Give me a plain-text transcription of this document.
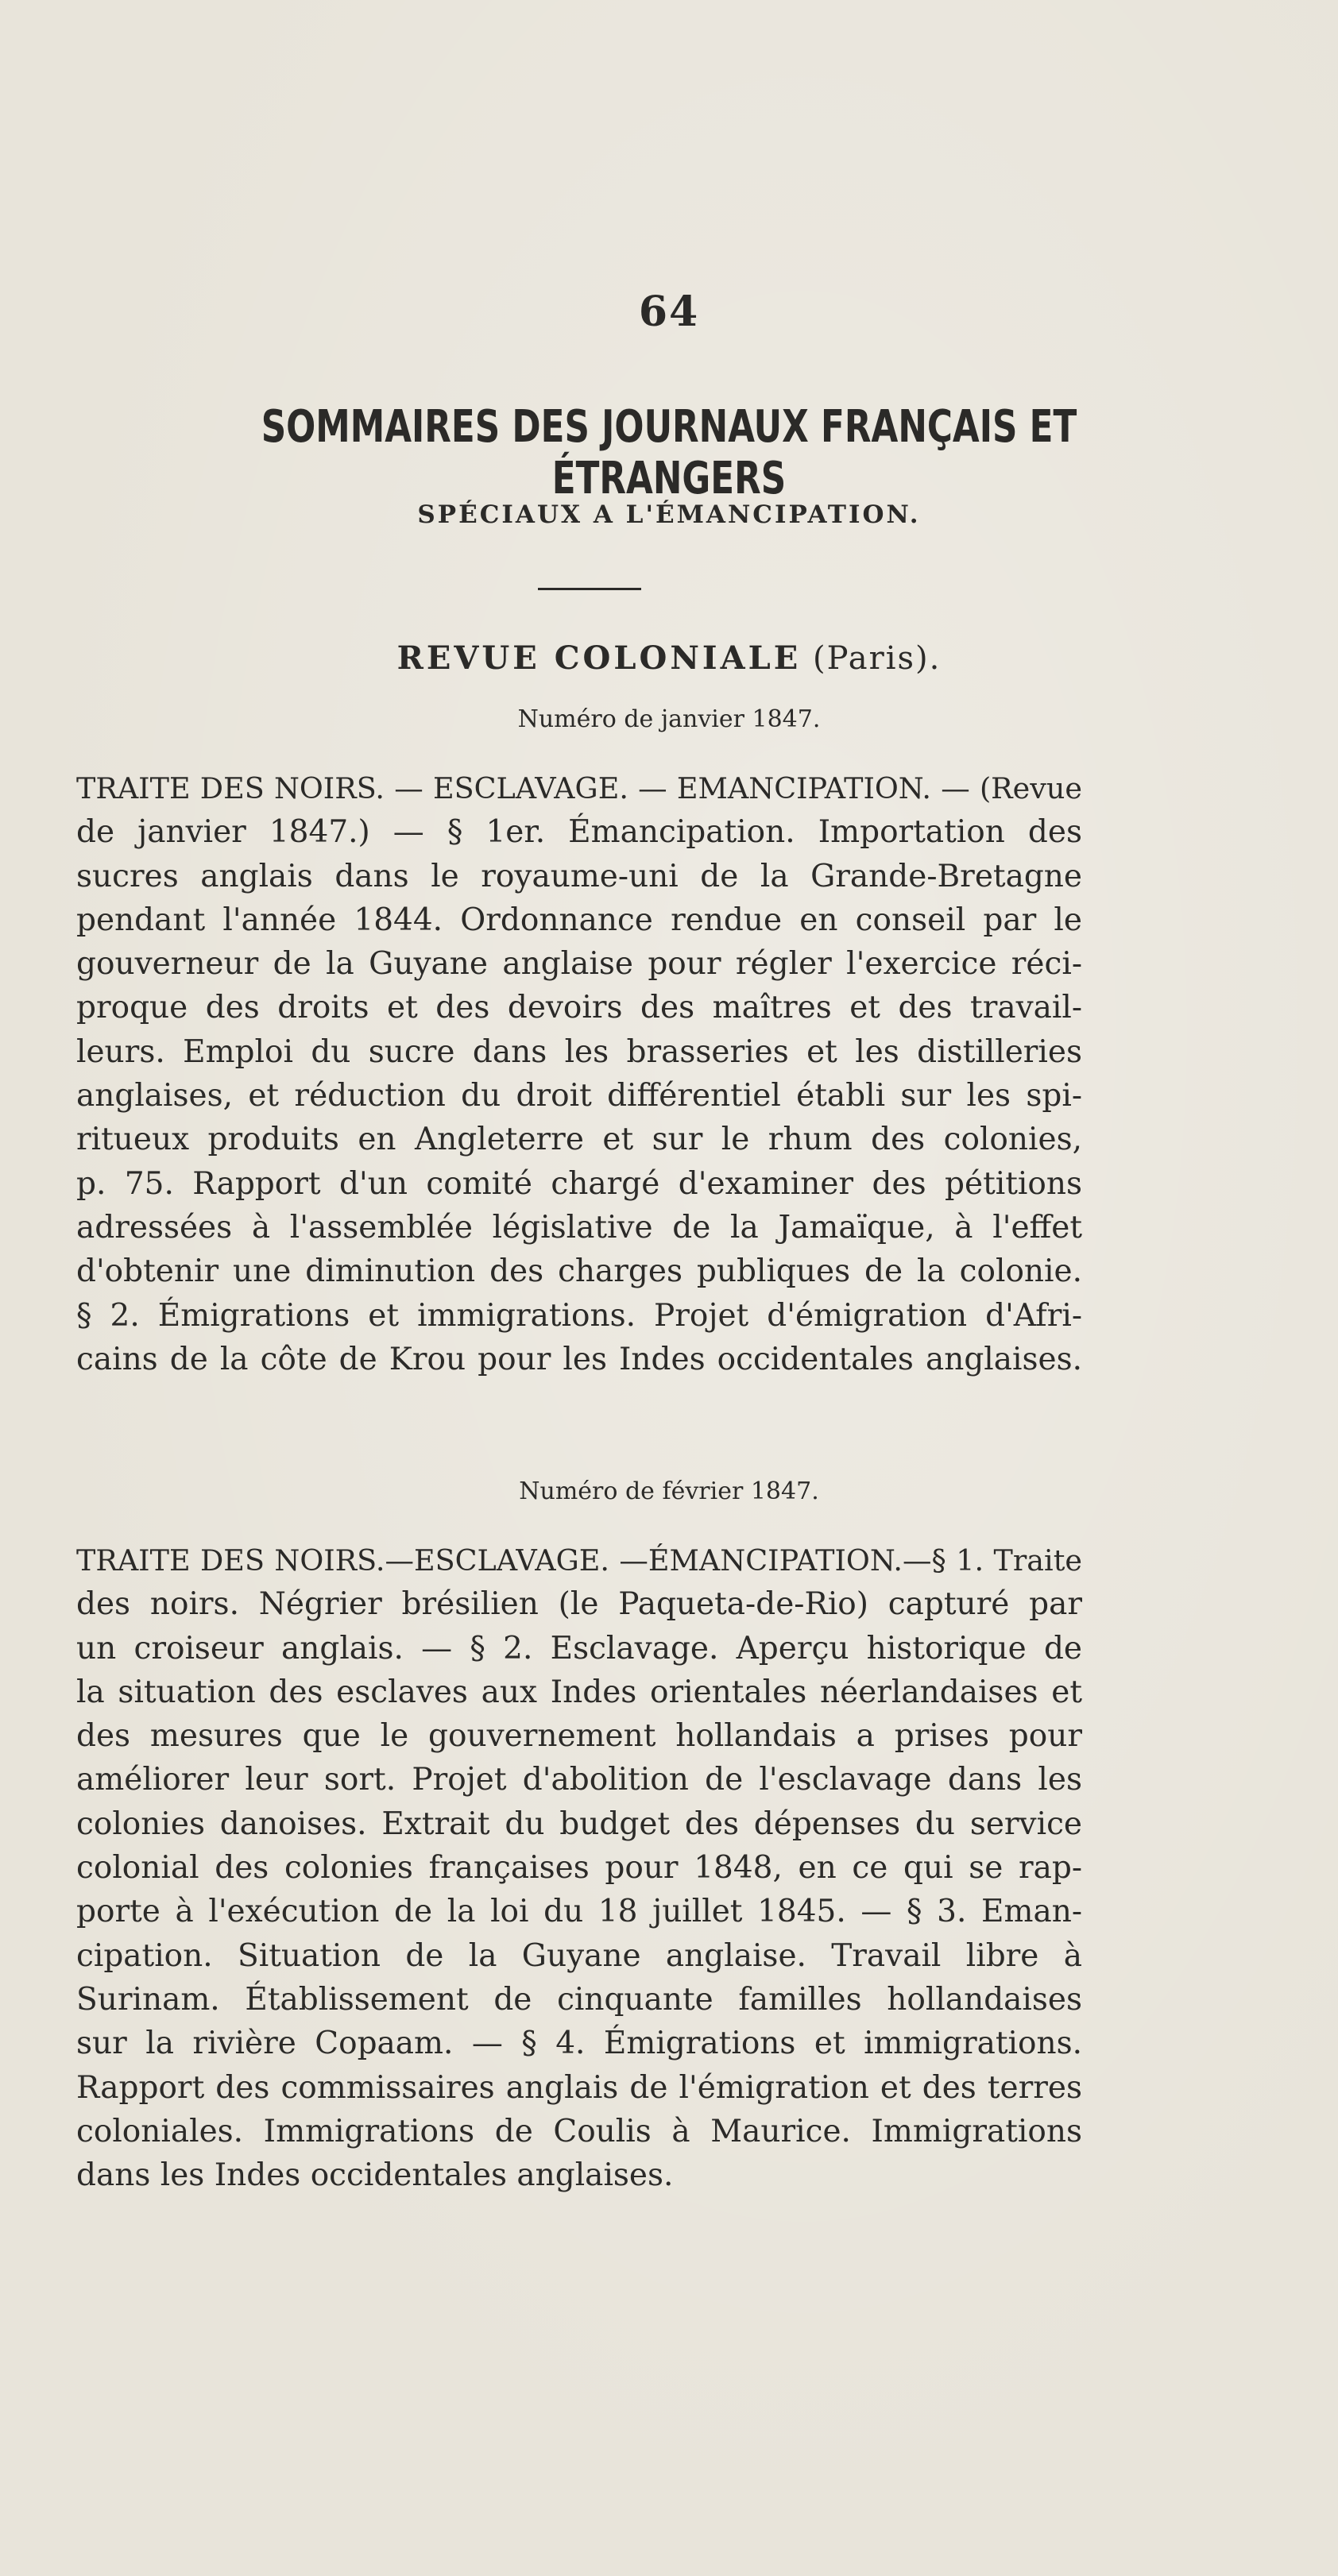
64
SOMMAIRES DES JOURNAUX FRANÇAIS ET ÉTRANGERS
SPÉCIAUX A L'ÉMANCIPATION.
REVUE COLONIALE (Paris).
Numéro de janvier 1847.
TRAITE DES NOIRS. — ESCLAVAGE. — EMANCIPATION. — (Revue
de janvier 1847.) — § 1er. Émancipation. Importation des
sucres anglais dans le royaume-uni de la Grande-Bretagne
pendant l'année 1844. Ordonnance rendue en conseil par le
gouverneur de la Guyane anglaise pour régler l'exercice réci-
proque des droits et des devoirs des maîtres et des travail-
leurs. Emploi du sucre dans les brasseries et les distilleries
anglaises, et réduction du droit différentiel établi sur les spi-
ritueux produits en Angleterre et sur le rhum des colonies,
p. 75. Rapport d'un comité chargé d'examiner des pétitions
adressées à l'assemblée législative de la Jamaïque, à l'effet
d'obtenir une diminution des charges publiques de la colonie.
§ 2. Émigrations et immigrations. Projet d'émigration d'Afri-
cains de la côte de Krou pour les Indes occidentales anglaises.
Numéro de février 1847.
TRAITE DES NOIRS.—ESCLAVAGE. —ÉMANCIPATION.—§ 1. Traite
des noirs. Négrier brésilien (le Paqueta-de-Rio) capturé par
un croiseur anglais. — § 2. Esclavage. Aperçu historique de
la situation des esclaves aux Indes orientales néerlandaises et
des mesures que le gouvernement hollandais a prises pour
améliorer leur sort. Projet d'abolition de l'esclavage dans les
colonies danoises. Extrait du budget des dépenses du service
colonial des colonies françaises pour 1848, en ce qui se rap-
porte à l'exécution de la loi du 18 juillet 1845. — § 3. Eman-
cipation. Situation de la Guyane anglaise. Travail libre à
Surinam. Établissement de cinquante familles hollandaises
sur la rivière Copaam. — § 4. Émigrations et immigrations.
Rapport des commissaires anglais de l'émigration et des terres
coloniales. Immigrations de Coulis à Maurice. Immigrations
dans les Indes occidentales anglaises.
